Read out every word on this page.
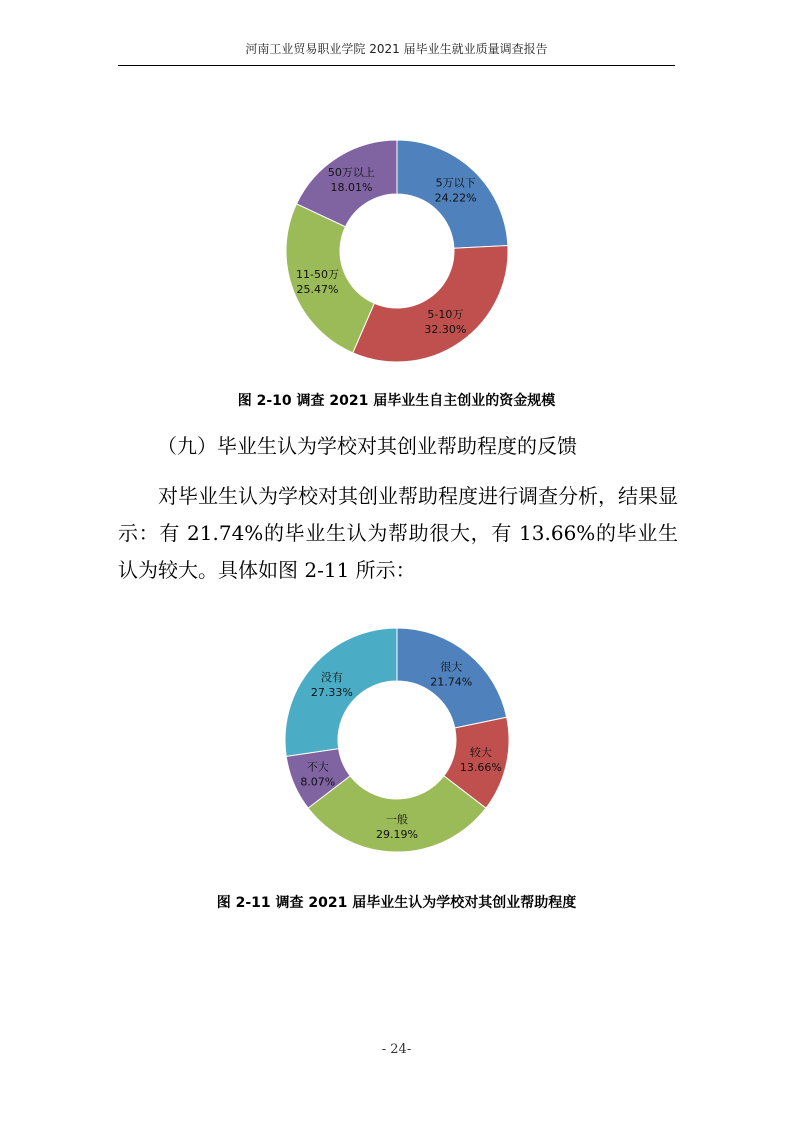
河南工业贸易职业学院 2021 届毕业生就业质量调查报告
5万以下
24.22%
5-10万
32.30%
11-50万
25.47%
50万以上
18.01%
图 2-10 调查 2021 届毕业生自主创业的资金规模
（九）毕业生认为学校对其创业帮助程度的反馈
对毕业生认为学校对其创业帮助程度进行调查分析，结果显示：有 21.74%的毕业生认为帮助很大，有 13.66%的毕业生认为较大。具体如图 2-11 所示：
很大
21.74%
较大
13.66%
一般
29.19%
不大
8.07%
没有
27.33%
图 2-11 调查 2021 届毕业生认为学校对其创业帮助程度
- 24-
